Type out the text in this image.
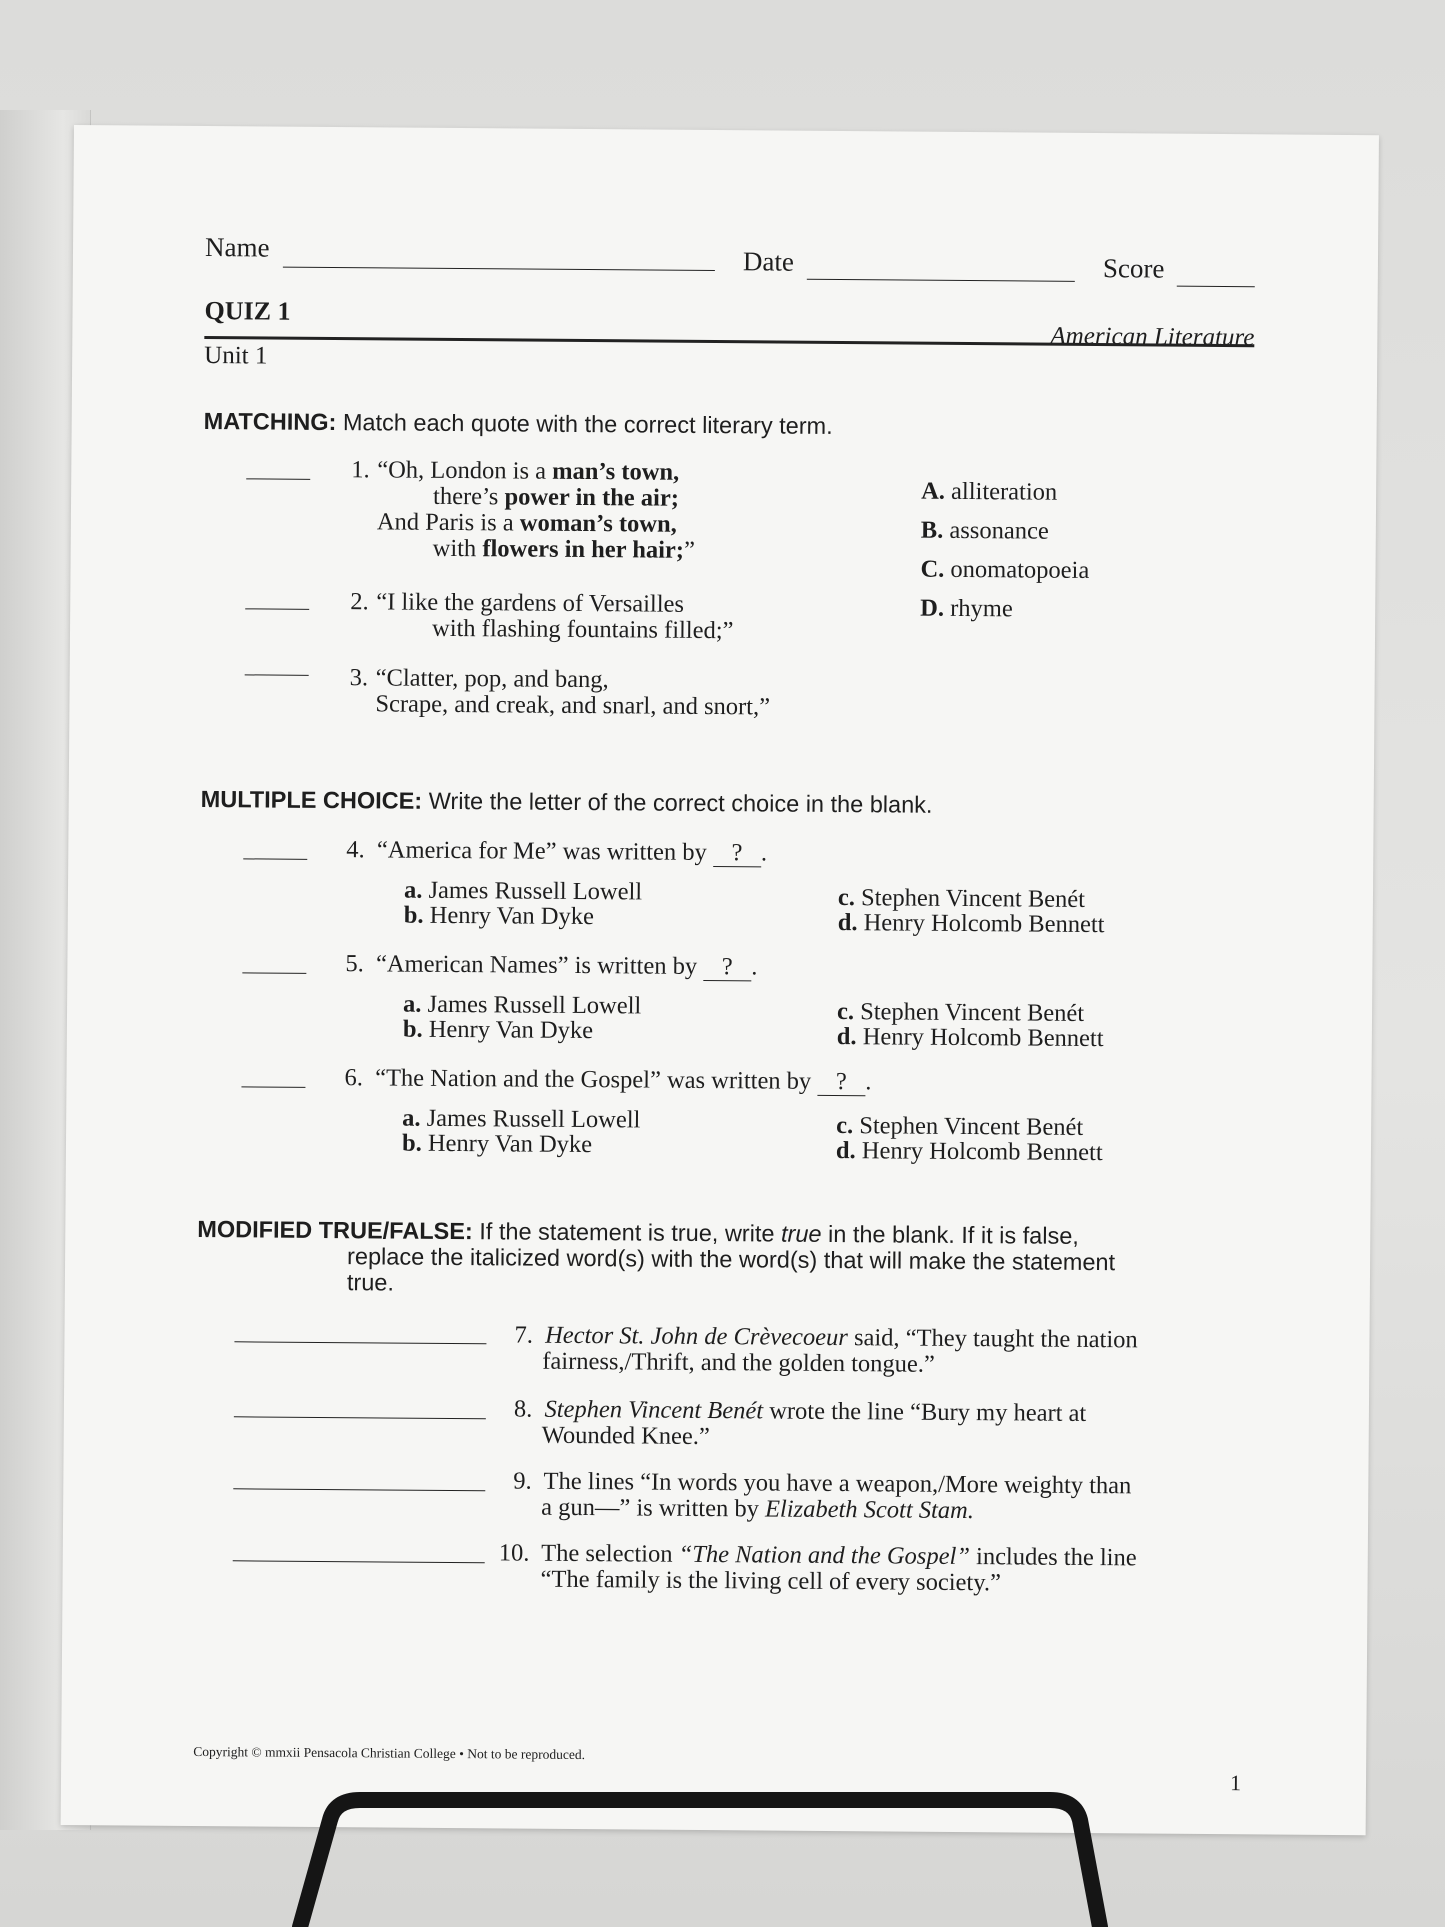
Name	Date	Score
QUIZ 1
American Literature
Unit 1
MATCHING: Match each quote with the correct literary term.
1. “Oh, London is a man’s town,
there’s power in the air;
And Paris is a woman’s town,
with flowers in her hair;”
2. “I like the gardens of Versailles
with flashing fountains filled;”
3. “Clatter, pop, and bang,
Scrape, and creak, and snarl, and snort,”
A. alliteration
B. assonance
C. onomatopoeia
D. rhyme
MULTIPLE CHOICE: Write the letter of the correct choice in the blank.
4. “America for Me” was written by ? .
a. James Russell Lowell
b. Henry Van Dyke
c. Stephen Vincent Benét
d. Henry Holcomb Bennett
5. “American Names” is written by ? .
a. James Russell Lowell
b. Henry Van Dyke
c. Stephen Vincent Benét
d. Henry Holcomb Bennett
6. “The Nation and the Gospel” was written by ? .
a. James Russell Lowell
b. Henry Van Dyke
c. Stephen Vincent Benét
d. Henry Holcomb Bennett
MODIFIED TRUE/FALSE: If the statement is true, write true in the blank. If it is false,
replace the italicized word(s) with the word(s) that will make the statement
true.
7. Hector St. John de Crèvecoeur said, “They taught the nation
fairness,/Thrift, and the golden tongue.”
8. Stephen Vincent Benét wrote the line “Bury my heart at
Wounded Knee.”
9. The lines “In words you have a weapon,/More weighty than
a gun—” is written by Elizabeth Scott Stam.
10. The selection “The Nation and the Gospel” includes the line
“The family is the living cell of every society.”
Copyright © mmxii Pensacola Christian College • Not to be reproduced.
1
